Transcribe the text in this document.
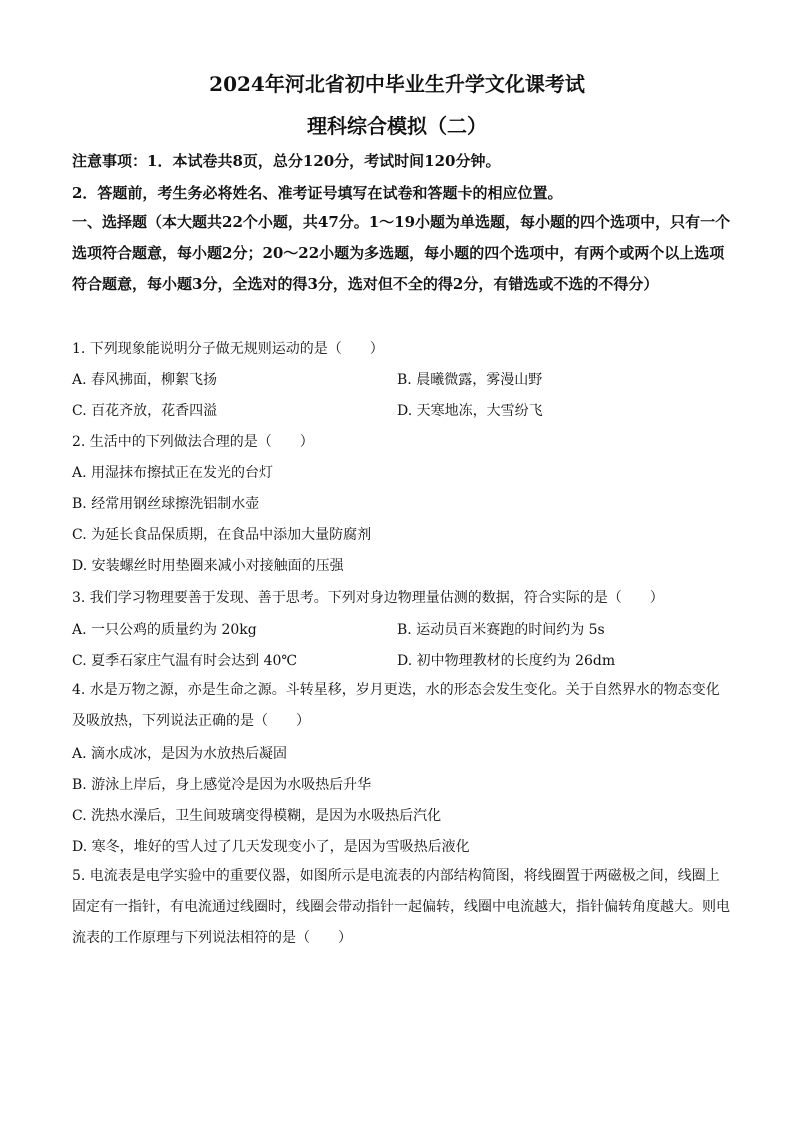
2024年河北省初中毕业生升学文化课考试
理科综合模拟（二）
注意事项：1．本试卷共8页，总分120分，考试时间120分钟。
2．答题前，考生务必将姓名、准考证号填写在试卷和答题卡的相应位置。
一、选择题（本大题共22个小题，共47分。1～19小题为单选题，每小题的四个选项中，只有一个选项符合题意，每小题2分；20～22小题为多选题，每小题的四个选项中，有两个或两个以上选项符合题意，每小题3分，全选对的得3分，选对但不全的得2分，有错选或不选的不得分）
1. 下列现象能说明分子做无规则运动的是（　　）
A. 春风拂面，柳絮飞扬	B. 晨曦微露，雾漫山野
C. 百花齐放，花香四溢	D. 天寒地冻，大雪纷飞
2. 生活中的下列做法合理的是（　　）
A. 用湿抹布擦拭正在发光的台灯
B. 经常用钢丝球擦洗铝制水壶
C. 为延长食品保质期，在食品中添加大量防腐剂
D. 安装螺丝时用垫圈来减小对接触面的压强
3. 我们学习物理要善于发现、善于思考。下列对身边物理量估测的数据，符合实际的是（　　）
A. 一只公鸡的质量约为 20kg	B. 运动员百米赛跑的时间约为 5s
C. 夏季石家庄气温有时会达到 40℃	D. 初中物理教材的长度约为 26dm
4. 水是万物之源，亦是生命之源。斗转星移，岁月更迭，水的形态会发生变化。关于自然界水的物态变化及吸放热，下列说法正确的是（　　）
A. 滴水成冰，是因为水放热后凝固
B. 游泳上岸后，身上感觉冷是因为水吸热后升华
C. 洗热水澡后，卫生间玻璃变得模糊，是因为水吸热后汽化
D. 寒冬，堆好的雪人过了几天发现变小了，是因为雪吸热后液化
5. 电流表是电学实验中的重要仪器，如图所示是电流表的内部结构简图，将线圈置于两磁极之间，线圈上固定有一指针，有电流通过线圈时，线圈会带动指针一起偏转，线圈中电流越大，指针偏转角度越大。则电流表的工作原理与下列说法相符的是（　　）
